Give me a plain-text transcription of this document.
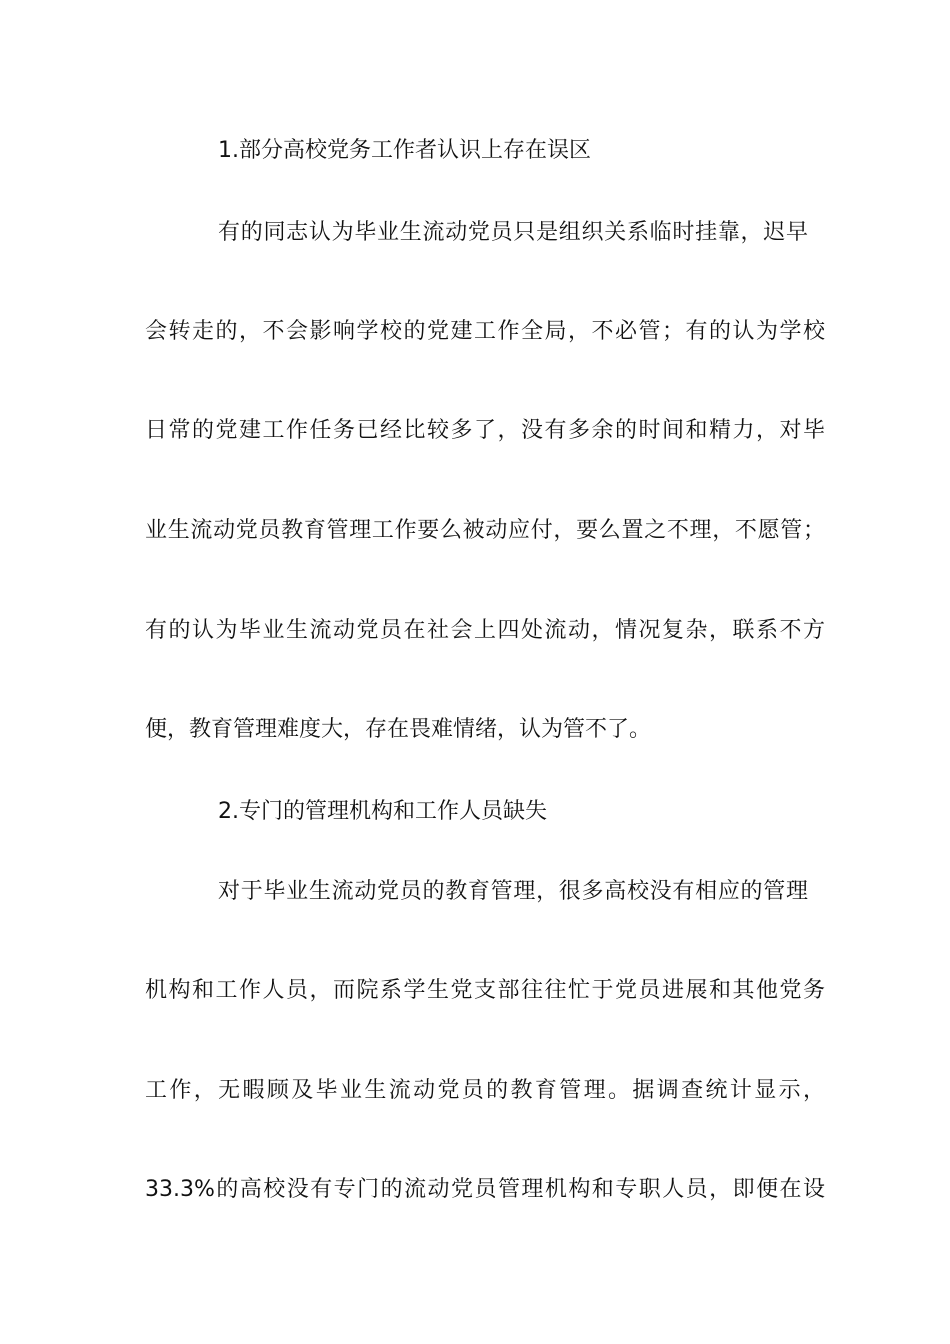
1.部分高校党务工作者认识上存在误区
有的同志认为毕业生流动党员只是组织关系临时挂靠，迟早
会转走的，不会影响学校的党建工作全局，不必管；有的认为学校
日常的党建工作任务已经比较多了，没有多余的时间和精力，对毕
业生流动党员教育管理工作要么被动应付，要么置之不理，不愿管；
有的认为毕业生流动党员在社会上四处流动，情况复杂，联系不方
便，教育管理难度大，存在畏难情绪，认为管不了。
2.专门的管理机构和工作人员缺失
对于毕业生流动党员的教育管理，很多高校没有相应的管理
机构和工作人员，而院系学生党支部往往忙于党员进展和其他党务
工作，无暇顾及毕业生流动党员的教育管理。据调查统计显示，
33.3%的高校没有专门的流动党员管理机构和专职人员，即便在设
